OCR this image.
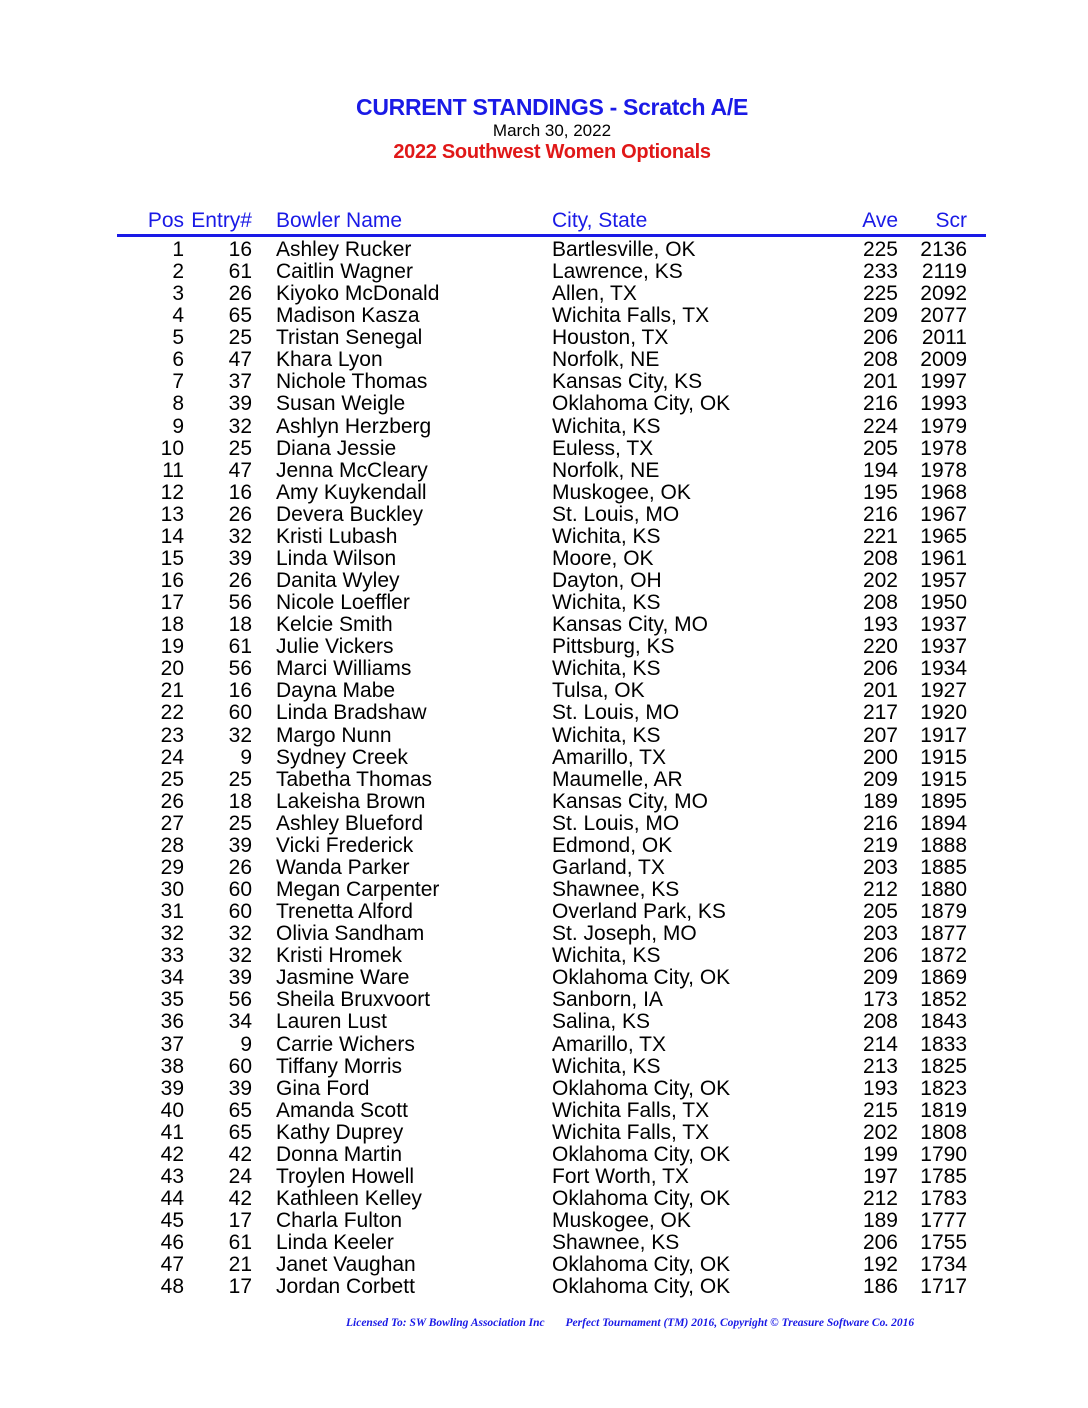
CURRENT STANDINGS - Scratch A/E
March 30, 2022
2022 Southwest Women Optionals
Pos Entry# Bowler Name	City, State	Ave Scr
1 16 Ashley Rucker	Bartlesville, OK	225 2136
2 61 Caitlin Wagner	Lawrence, KS	233 2119
3 26 Kiyoko McDonald	Allen, TX	225 2092
4 65 Madison Kasza	Wichita Falls, TX	209 2077
5 25 Tristan Senegal	Houston, TX	206 2011
6 47 Khara Lyon	Norfolk, NE	208 2009
7 37 Nichole Thomas	Kansas City, KS	201 1997
8 39 Susan Weigle	Oklahoma City, OK	216 1993
9 32 Ashlyn Herzberg	Wichita, KS	224 1979
10 25 Diana Jessie	Euless, TX	205 1978
11 47 Jenna McCleary	Norfolk, NE	194 1978
12 16 Amy Kuykendall	Muskogee, OK	195 1968
13 26 Devera Buckley	St. Louis, MO	216 1967
14 32 Kristi Lubash	Wichita, KS	221 1965
15 39 Linda Wilson	Moore, OK	208 1961
16 26 Danita Wyley	Dayton, OH	202 1957
17 56 Nicole Loeffler	Wichita, KS	208 1950
18 18 Kelcie Smith	Kansas City, MO	193 1937
19 61 Julie Vickers	Pittsburg, KS	220 1937
20 56 Marci Williams	Wichita, KS	206 1934
21 16 Dayna Mabe	Tulsa, OK	201 1927
22 60 Linda Bradshaw	St. Louis, MO	217 1920
23 32 Margo Nunn	Wichita, KS	207 1917
24	9 Sydney Creek	Amarillo, TX	200 1915
25 25 Tabetha Thomas	Maumelle, AR	209 1915
26 18 Lakeisha Brown	Kansas City, MO	189 1895
27 25 Ashley Blueford	St. Louis, MO	216 1894
28 39 Vicki Frederick	Edmond, OK	219 1888
29 26 Wanda Parker	Garland, TX	203 1885
30 60 Megan Carpenter	Shawnee, KS	212 1880
31 60 Trenetta Alford	Overland Park, KS	205 1879
32 32 Olivia Sandham	St. Joseph, MO	203 1877
33 32 Kristi Hromek	Wichita, KS	206 1872
34 39 Jasmine Ware	Oklahoma City, OK	209 1869
35 56 Sheila Bruxvoort	Sanborn, IA	173 1852
36 34 Lauren Lust	Salina, KS	208 1843
37	9 Carrie Wichers	Amarillo, TX	214 1833
38 60 Tiffany Morris	Wichita, KS	213 1825
39 39 Gina Ford	Oklahoma City, OK	193 1823
40 65 Amanda Scott	Wichita Falls, TX	215 1819
41 65 Kathy Duprey	Wichita Falls, TX	202 1808
42 42 Donna Martin	Oklahoma City, OK	199 1790
43 24 Troylen Howell	Fort Worth, TX	197 1785
44 42 Kathleen Kelley	Oklahoma City, OK	212 1783
45 17 Charla Fulton	Muskogee, OK	189 1777
46 61 Linda Keeler	Shawnee, KS	206 1755
47 21 Janet Vaughan	Oklahoma City, OK	192 1734
48 17 Jordan Corbett	Oklahoma City, OK	186 1717
Licensed To: SW Bowling Association Inc Perfect Tournament (TM) 2016, Copyright © Treasure Software Co. 2016
